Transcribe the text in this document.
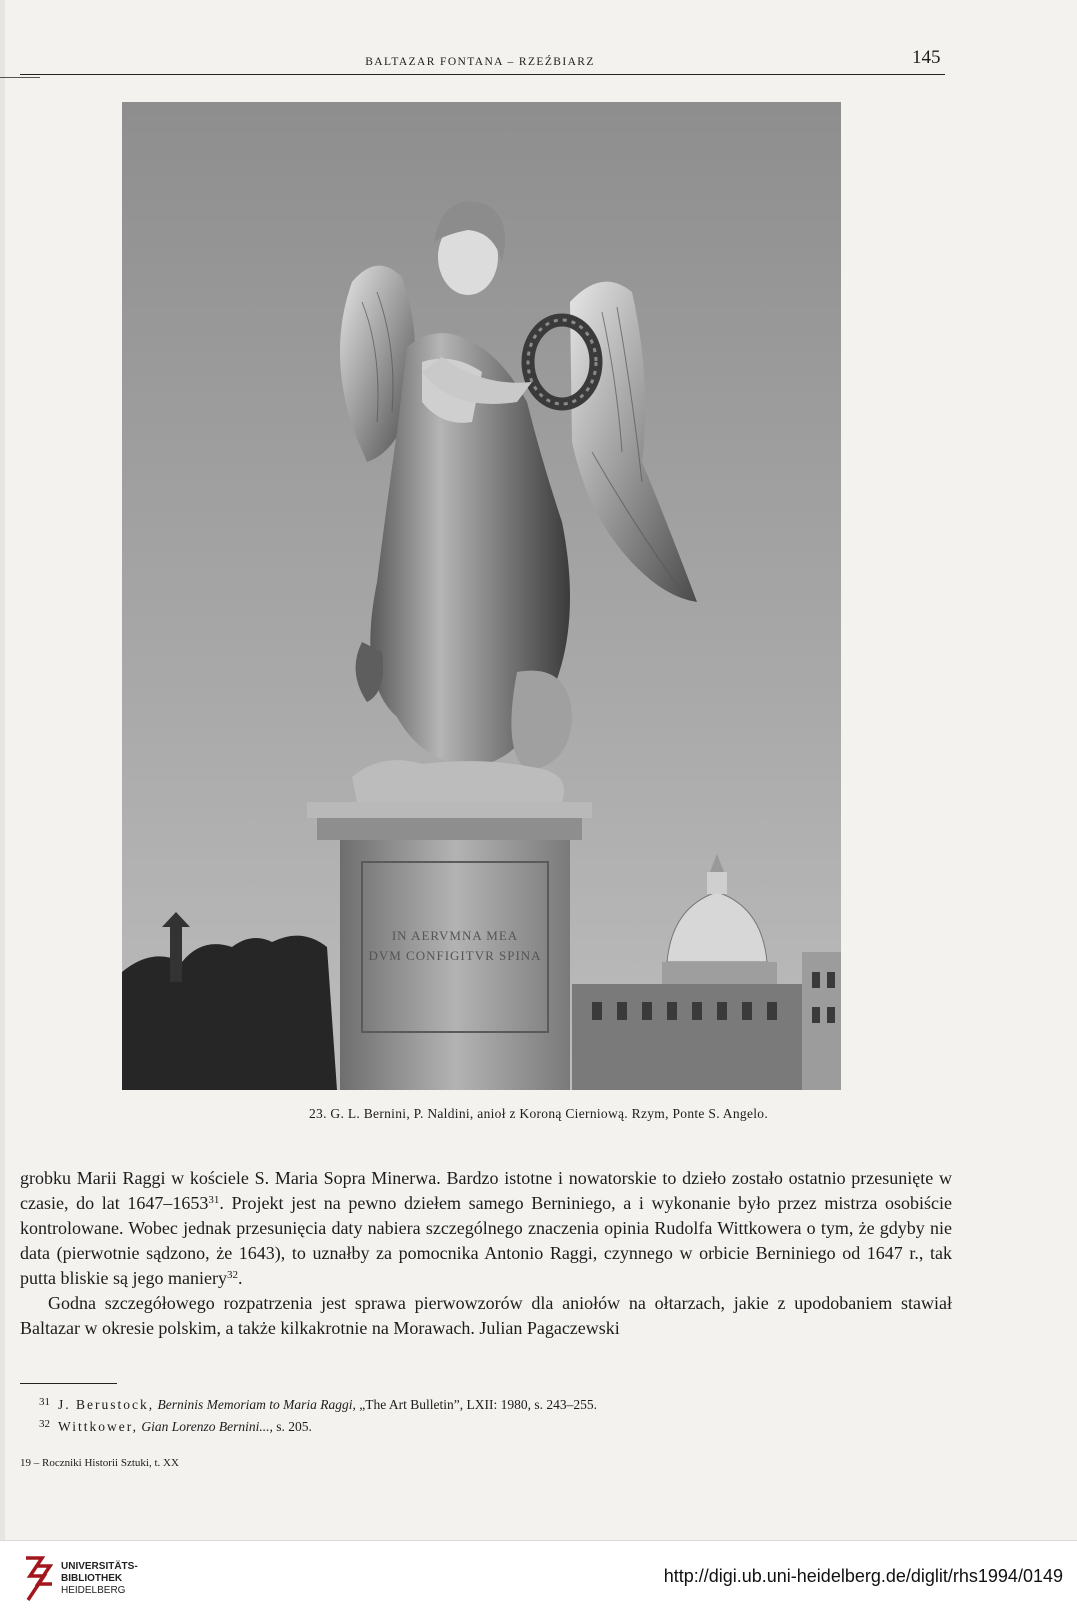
BALTAZAR FONTANA – RZEŹBIARZ	145
IN AERVMNA MEA
DVM CONFIGITVR SPINA
23. G. L. Bernini, P. Naldini, anioł z Koroną Cierniową. Rzym, Ponte S. Angelo.

grobku Marii Raggi w kościele S. Maria Sopra Minerwa. Bardzo istotne i nowatorskie to dzieło zostało ostatnio przesunięte w czasie, do lat 1647–1653$^{31}$. Projekt jest na pewno dziełem samego Berniniego, a i wykonanie było przez mistrza osobiście kontrolowane. Wobec jednak przesunięcia daty nabiera szczególnego znaczenia opinia Rudolfa Wittkowera o tym, że gdyby nie data (pierwotnie sądzono, że 1643), to uznałby za pomocnika Antonio Raggi, czynnego w orbicie Berniniego od 1647 r., tak putta bliskie są jego maniery$^{32}$.

Godna szczegółowego rozpatrzenia jest sprawa pierwowzorów dla aniołów na ołtarzach, jakie z upodobaniem stawiał Baltazar w okresie polskim, a także kilkakrotnie na Morawach. Julian Pagaczewski

31 J. Berustock, Berninis Memoriam to Maria Raggi, „The Art Bulletin”, LXII: 1980, s. 243–255.
32 Wittkower, Gian Lorenzo Bernini..., s. 205.
19 – Roczniki Historii Sztuki, t. XX
UNIVERSITÄTS-
BIBLIOTHEK
HEIDELBERG
http://digi.ub.uni-heidelberg.de/diglit/rhs1994/0149
